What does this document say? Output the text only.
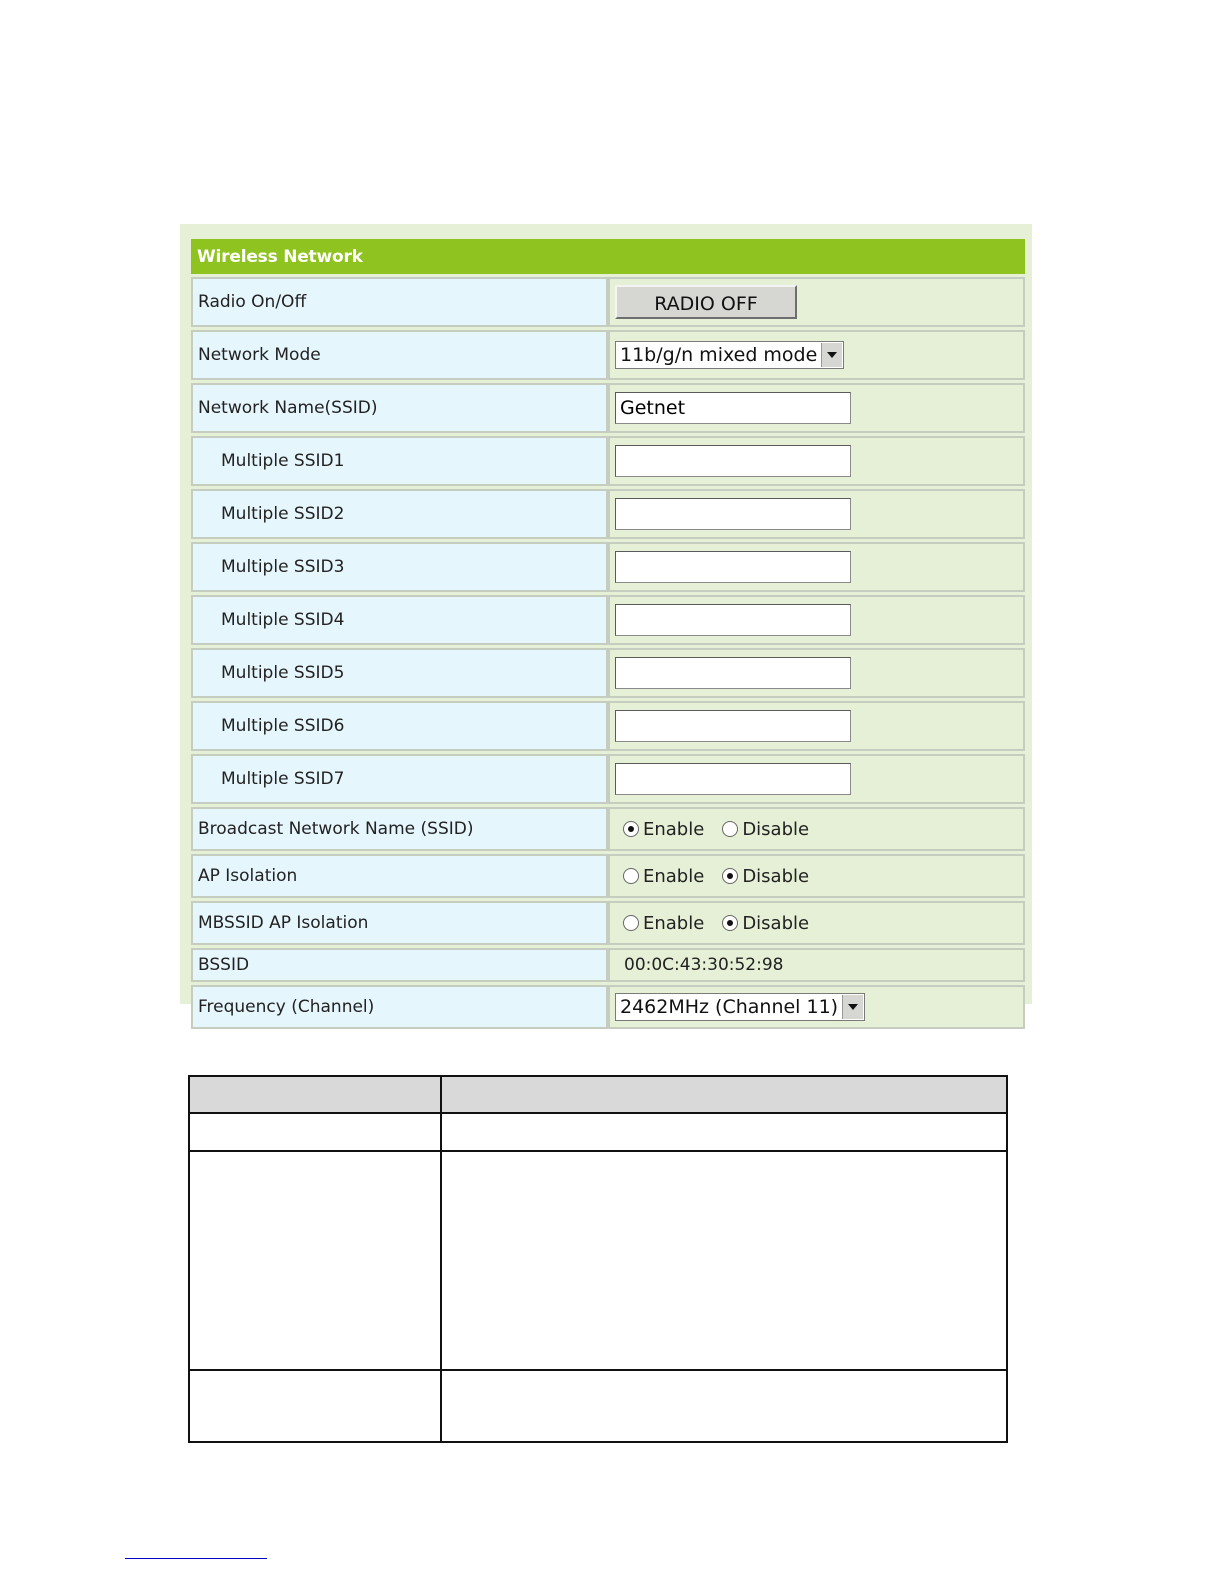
Wireless Network	
Radio On/Off	RADIO OFF
Network Mode	11b/g/n mixed mode

Network Name(SSID)	Getnet
Multiple SSID1	
Multiple SSID2	
Multiple SSID3	
Multiple SSID4	
Multiple SSID5	
Multiple SSID6	
Multiple SSID7	
Broadcast Network Name (SSID)	Enable Disable

AP Isolation	Enable Disable

MBSSID AP Isolation	Enable Disable

BSSID	00:0C:43:30:52:98
Frequency (Channel)	2462MHz (Channel 11)
